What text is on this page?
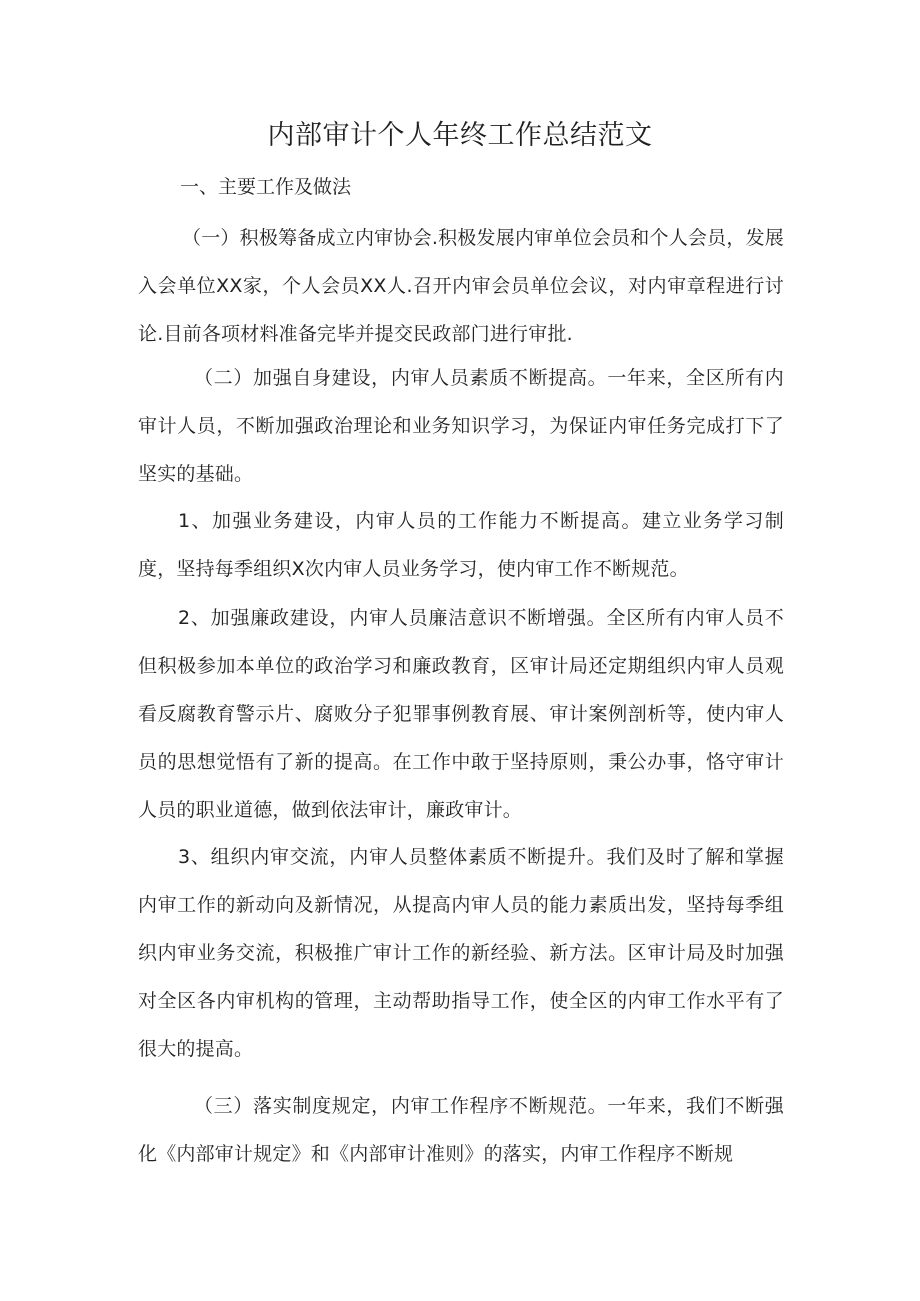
内部审计个人年终工作总结范文
一、主要工作及做法
（一）积极筹备成立内审协会.积极发展内审单位会员和个人会员，发展入会单位XX家，个人会员XX人.召开内审会员单位会议，对内审章程进行讨论.目前各项材料准备完毕并提交民政部门进行审批.
（二）加强自身建设，内审人员素质不断提高。一年来，全区所有内审计人员，不断加强政治理论和业务知识学习，为保证内审任务完成打下了坚实的基础。
1、加强业务建设，内审人员的工作能力不断提高。建立业务学习制度，坚持每季组织X次内审人员业务学习，使内审工作不断规范。
2、加强廉政建设，内审人员廉洁意识不断增强。全区所有内审人员不但积极参加本单位的政治学习和廉政教育，区审计局还定期组织内审人员观看反腐教育警示片、腐败分子犯罪事例教育展、审计案例剖析等，使内审人员的思想觉悟有了新的提高。在工作中敢于坚持原则，秉公办事，恪守审计人员的职业道德，做到依法审计，廉政审计。
3、组织内审交流，内审人员整体素质不断提升。我们及时了解和掌握内审工作的新动向及新情况，从提高内审人员的能力素质出发，坚持每季组织内审业务交流，积极推广审计工作的新经验、新方法。区审计局及时加强对全区各内审机构的管理，主动帮助指导工作，使全区的内审工作水平有了很大的提高。
（三）落实制度规定，内审工作程序不断规范。一年来，我们不断强化《内部审计规定》和《内部审计准则》的落实，内审工作程序不断规
